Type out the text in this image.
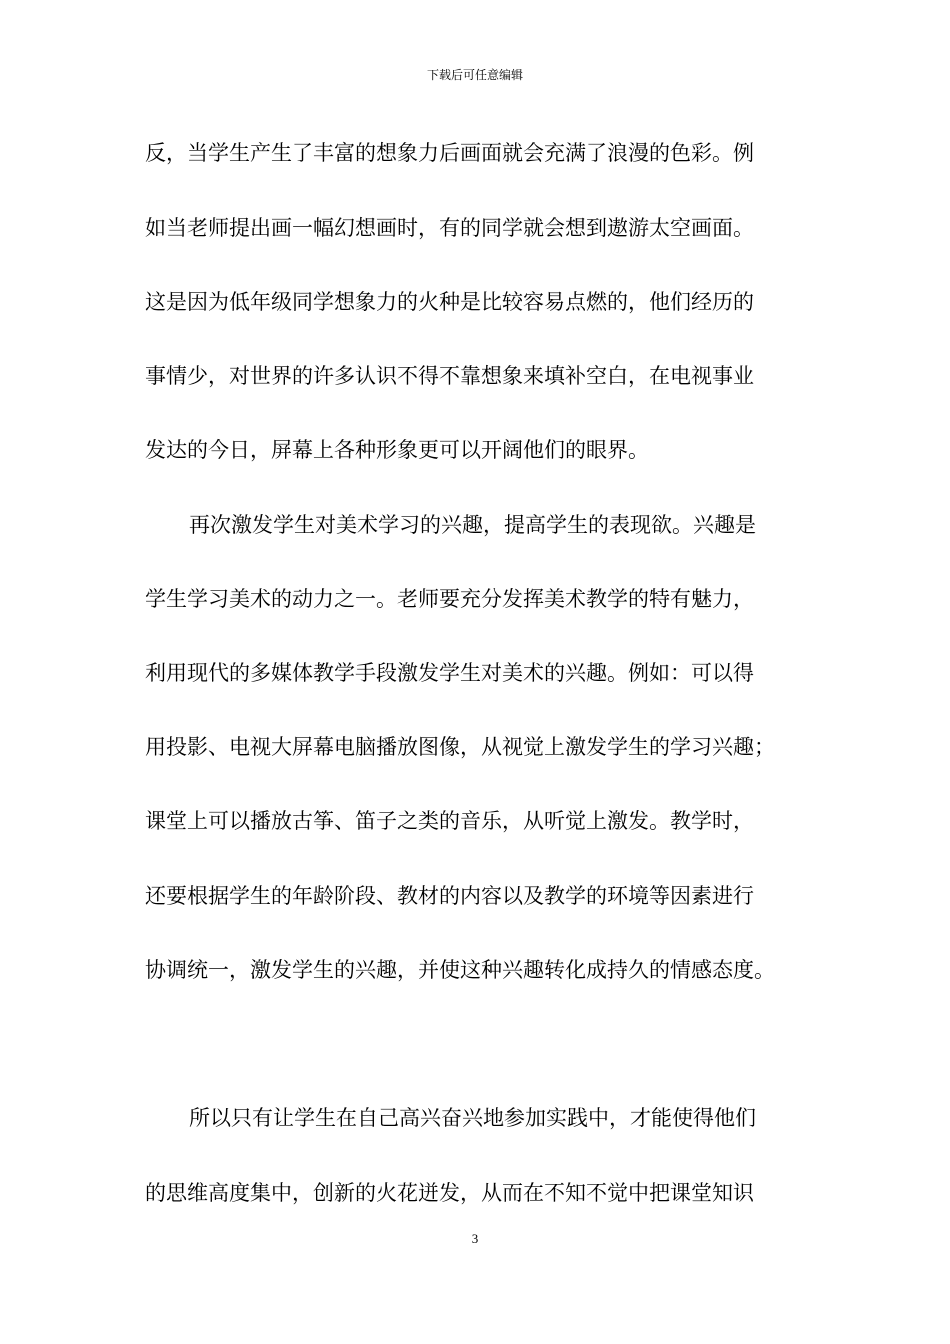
下载后可任意编辑
反，当学生产生了丰富的想象力后画面就会充满了浪漫的色彩。例
如当老师提出画一幅幻想画时，有的同学就会想到遨游太空画面。
这是因为低年级同学想象力的火种是比较容易点燃的，他们经历的
事情少，对世界的许多认识不得不靠想象来填补空白，在电视事业
发达的今日，屏幕上各种形象更可以开阔他们的眼界。
再次激发学生对美术学习的兴趣，提高学生的表现欲。兴趣是
学生学习美术的动力之一。老师要充分发挥美术教学的特有魅力，
利用现代的多媒体教学手段激发学生对美术的兴趣。例如：可以得
用投影、电视大屏幕电脑播放图像，从视觉上激发学生的学习兴趣；
课堂上可以播放古筝、笛子之类的音乐，从听觉上激发。教学时，
还要根据学生的年龄阶段、教材的内容以及教学的环境等因素进行
协调统一，激发学生的兴趣，并使这种兴趣转化成持久的情感态度。
所以只有让学生在自己高兴奋兴地参加实践中，才能使得他们
的思维高度集中，创新的火花迸发，从而在不知不觉中把课堂知识
3
